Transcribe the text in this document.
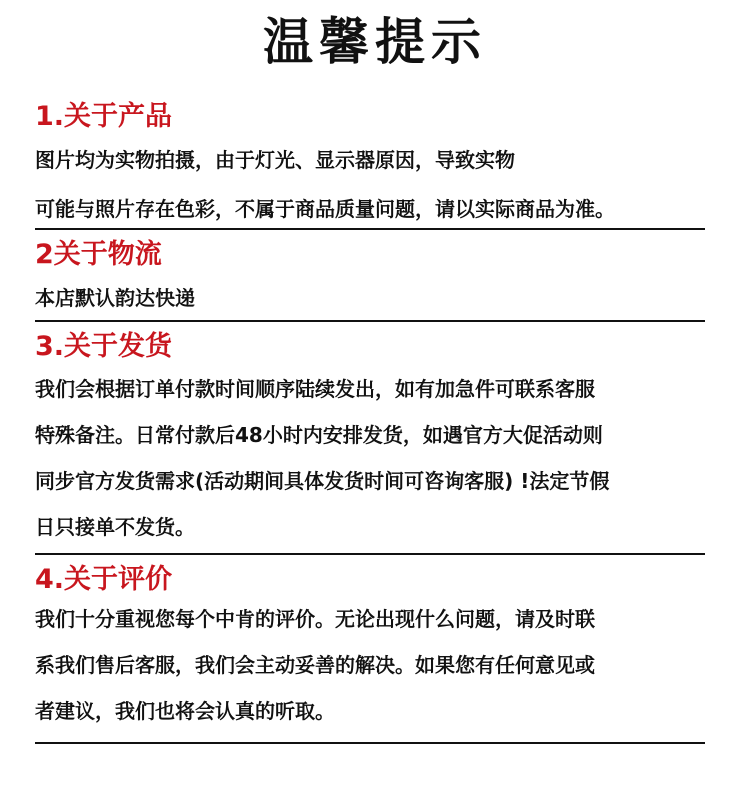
温馨提示
1.关于产品
图片均为实物拍摄，由于灯光、显示器原因，导致实物
可能与照片存在色彩，不属于商品质量问题，请以实际商品为准。
2关于物流
本店默认韵达快递
3.关于发货
我们会根据订单付款时间顺序陆续发出，如有加急件可联系客服
特殊备注。日常付款后48小时内安排发货，如遇官方大促活动则
同步官方发货需求(活动期间具体发货时间可咨询客服) !法定节假
日只接单不发货。
4.关于评价
我们十分重视您每个中肯的评价。无论出现什么问题，请及时联
系我们售后客服，我们会主动妥善的解决。如果您有任何意见或
者建议，我们也将会认真的听取。
